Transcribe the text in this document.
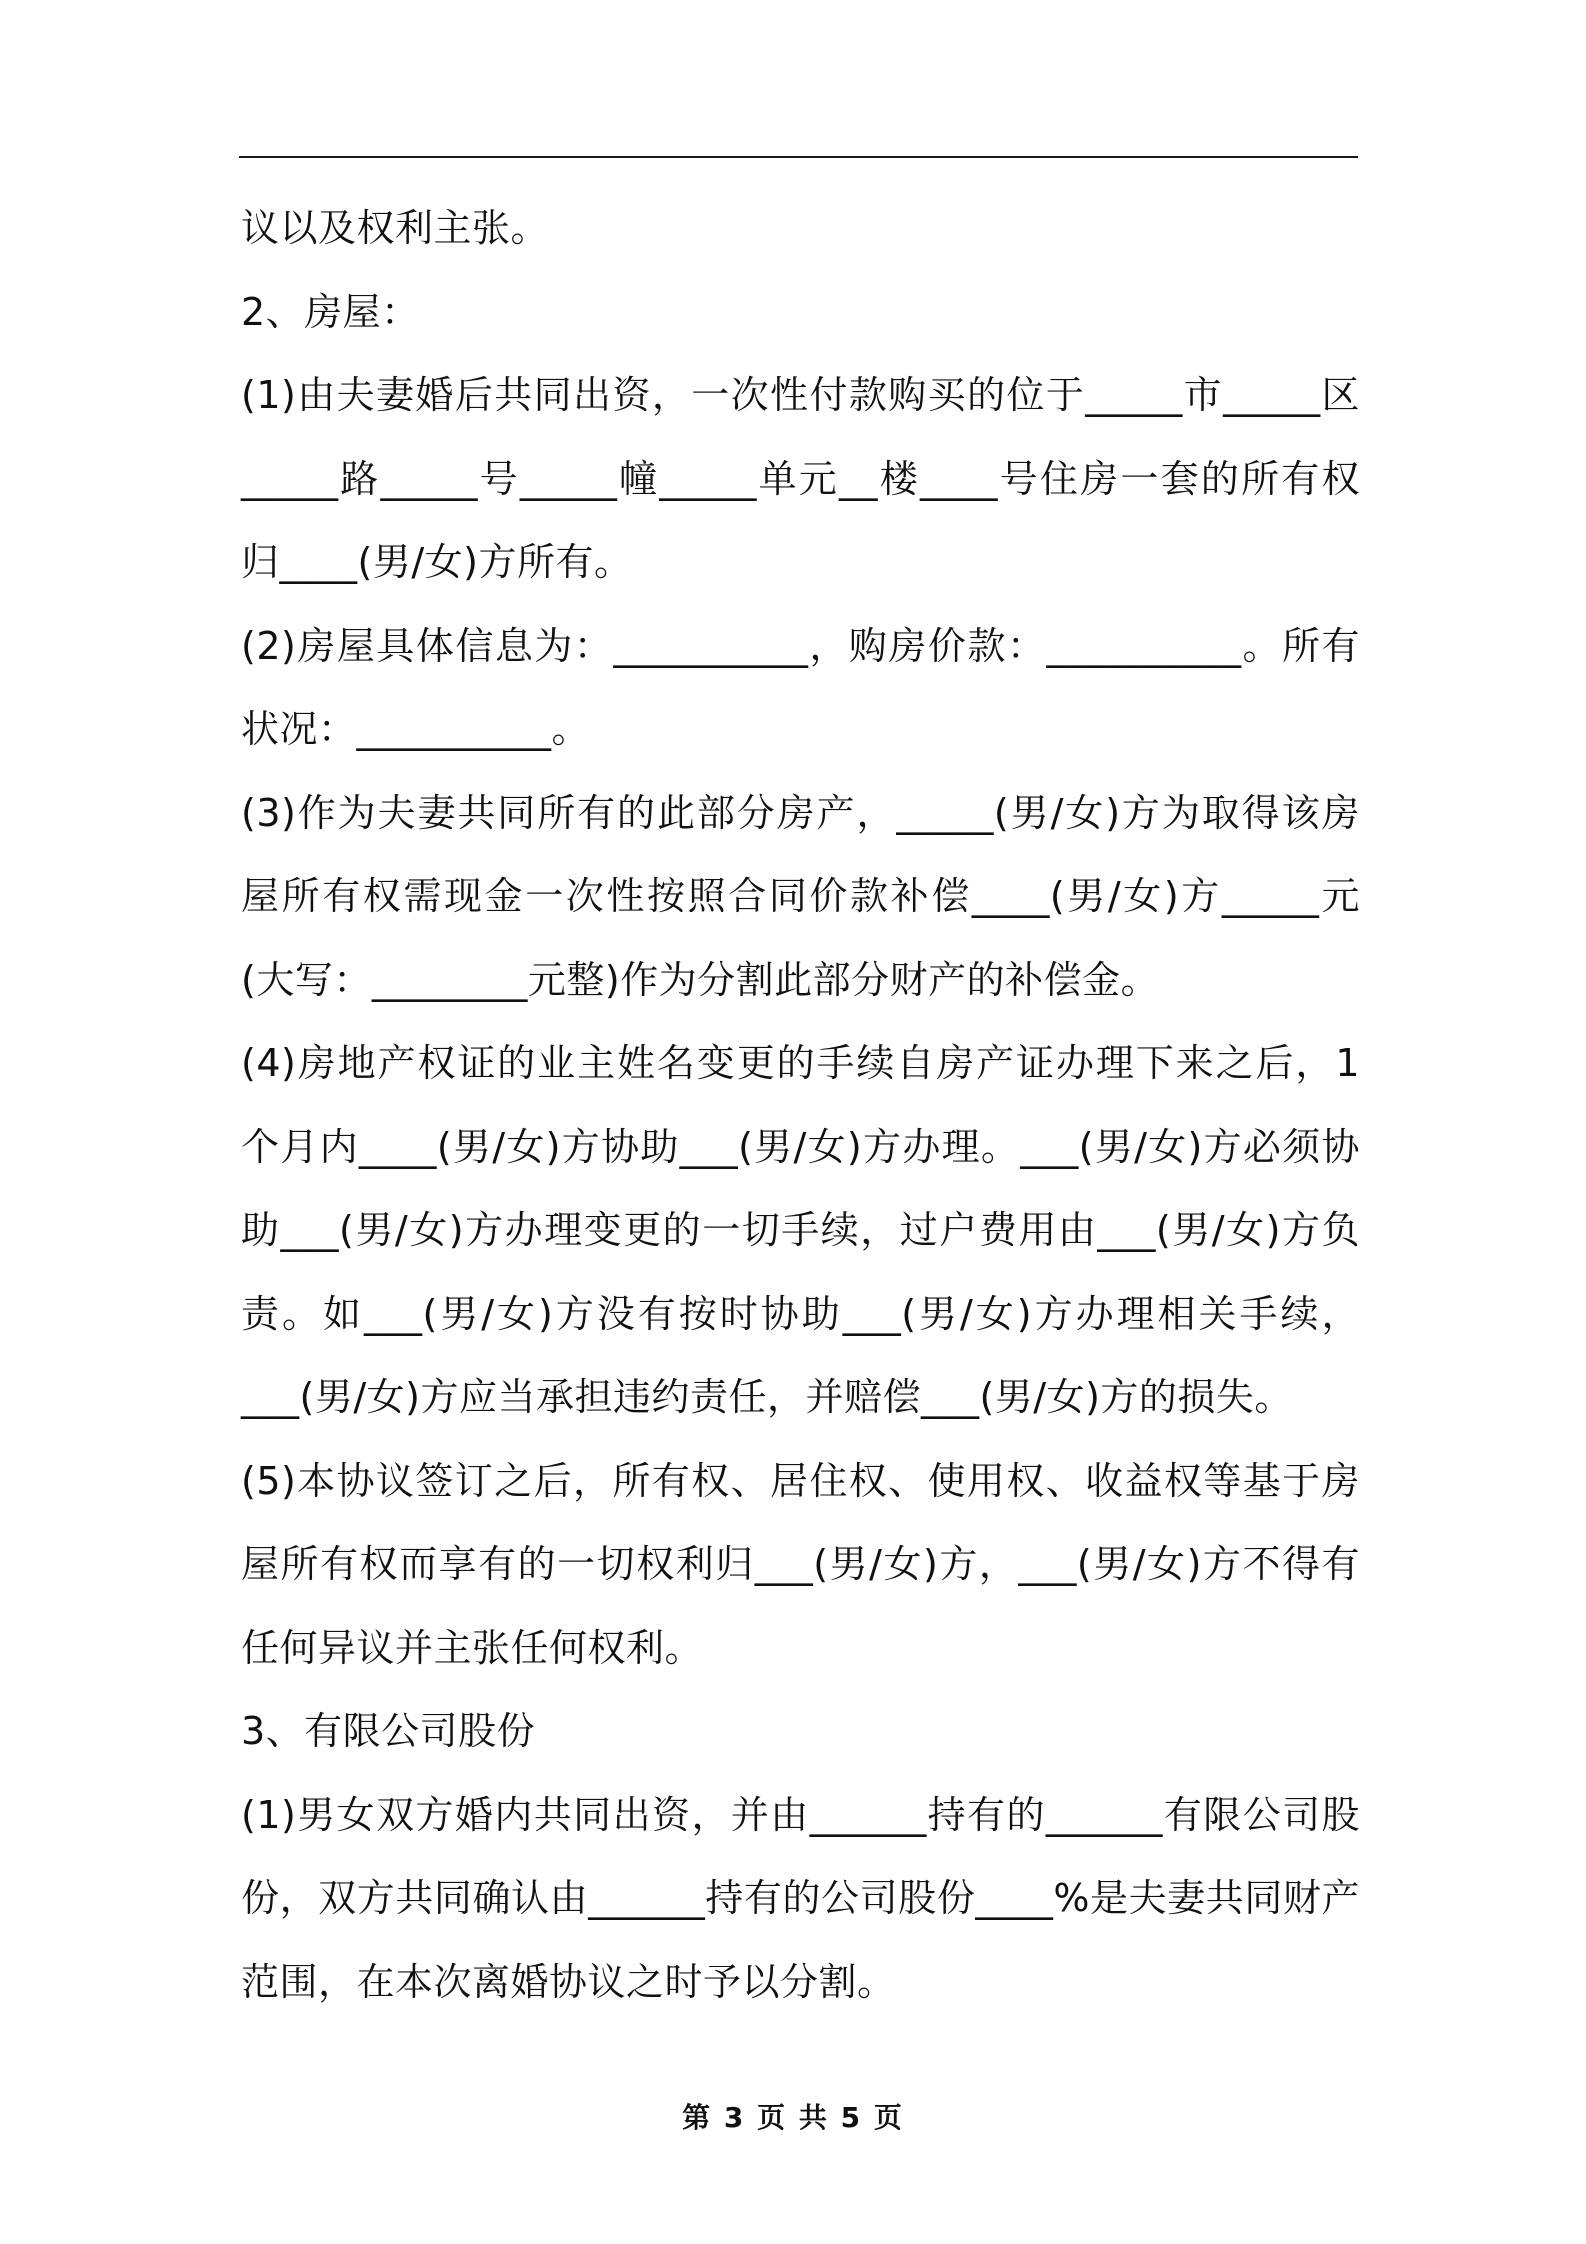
议以及权利主张。

2、房屋：

(1)由夫妻婚后共同出资，一次性付款购买的位于_____市_____区_____路_____号_____幢_____单元__楼____号住房一套的所有权归____(男/女)方所有。

(2)房屋具体信息为：__________，购房价款：__________。所有状况：__________。

(3)作为夫妻共同所有的此部分房产，_____(男/女)方为取得该房屋所有权需现金一次性按照合同价款补偿____(男/女)方_____元(大写：________元整)作为分割此部分财产的补偿金。

(4)房地产权证的业主姓名变更的手续自房产证办理下来之后，1个月内____(男/女)方协助___(男/女)方办理。___(男/女)方必须协助___(男/女)方办理变更的一切手续，过户费用由___(男/女)方负责。如___(男/女)方没有按时协助___(男/女)方办理相关手续，___(男/女)方应当承担违约责任，并赔偿___(男/女)方的损失。

(5)本协议签订之后，所有权、居住权、使用权、收益权等基于房屋所有权而享有的一切权利归___(男/女)方，___(男/女)方不得有任何异议并主张任何权利。

3、有限公司股份

(1)男女双方婚内共同出资，并由______持有的______有限公司股份，双方共同确认由______持有的公司股份____%是夫妻共同财产范围，在本次离婚协议之时予以分割。

第 3 页 共 5 页
